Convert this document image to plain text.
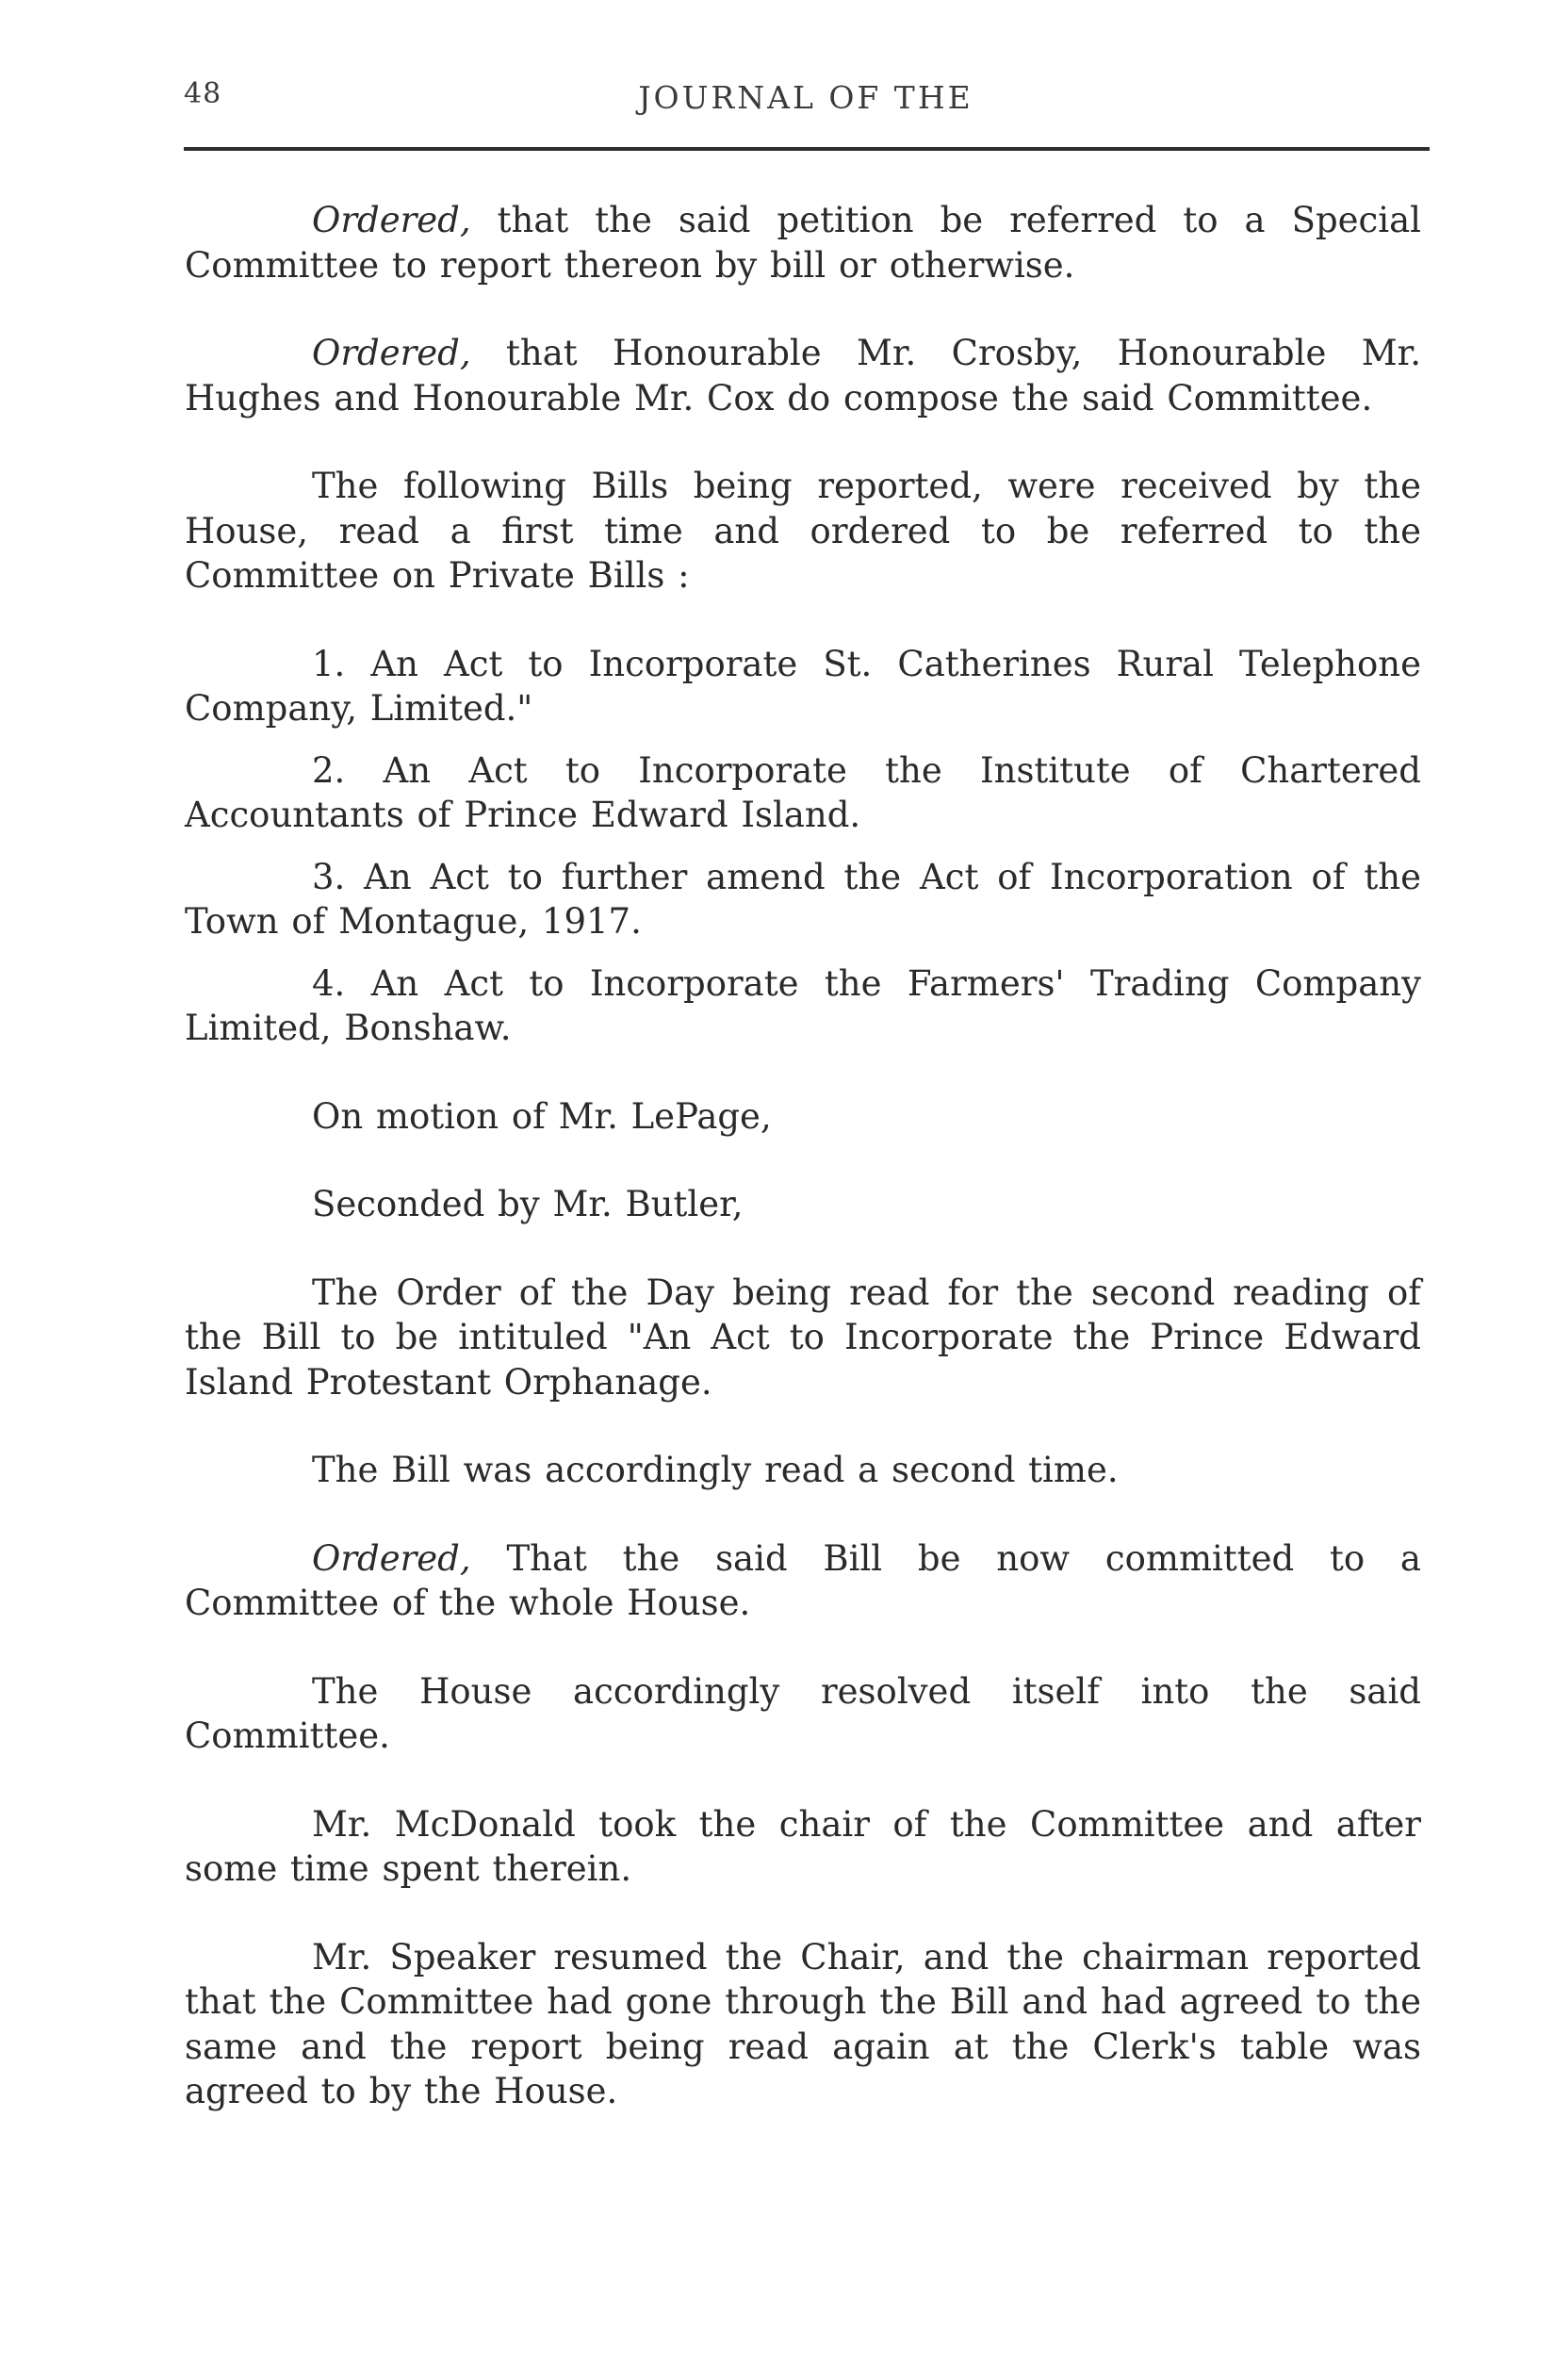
48	JOURNAL OF THE

Ordered, that the said petition be referred to a Special Committee to report thereon by bill or otherwise.

Ordered, that Honourable Mr. Crosby, Honourable Mr. Hughes and Honourable Mr. Cox do compose the said Committee.

The following Bills being reported, were received by the House, read a first time and ordered to be referred to the Committee on Private Bills :

1. An Act to Incorporate St. Catherines Rural Telephone Company, Limited."

2. An Act to Incorporate the Institute of Chartered Accountants of Prince Edward Island.

3. An Act to further amend the Act of Incorporation of the Town of Montague, 1917.

4. An Act to Incorporate the Farmers' Trading Company Limited, Bonshaw.

On motion of Mr. LePage,

Seconded by Mr. Butler,

The Order of the Day being read for the second reading of the Bill to be intituled "An Act to Incorporate the Prince Edward Island Protestant Orphanage.

The Bill was accordingly read a second time.

Ordered, That the said Bill be now committed to a Committee of the whole House.

The House accordingly resolved itself into the said Committee.

Mr. McDonald took the chair of the Committee and after some time spent therein.

Mr. Speaker resumed the Chair, and the chairman reported that the Committee had gone through the Bill and had agreed to the same and the report being read again at the Clerk's table was agreed to by the House.
